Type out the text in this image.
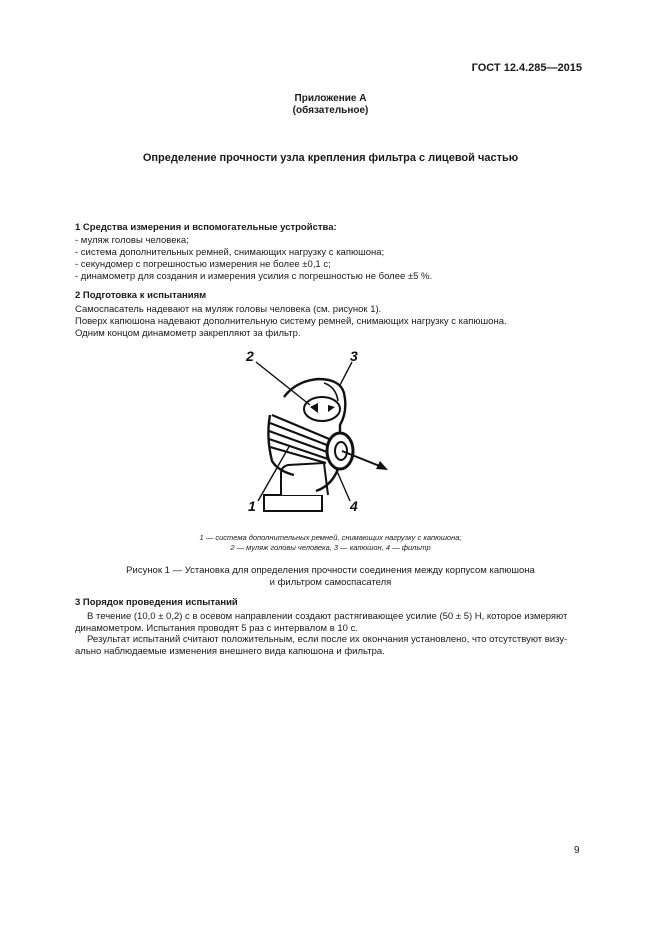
ГОСТ 12.4.285—2015
Приложение А
(обязательное)
Определение прочности узла крепления фильтра с лицевой частью
1 Средства измерения и вспомогательные устройства:
- муляж головы человека;
- система дополнительных ремней, снимающих нагрузку с капюшона;
- секундомер с погрешностью измерения не более ±0,1 с;
- динамометр для создания и измерения усилия с погрешностью не более ±5 %.
2 Подготовка к испытаниям
Самоспасатель надевают на муляж головы человека (см. рисунок 1).
Поверх капюшона надевают дополнительную систему ремней, снимающих нагрузку с капюшона.
Одним концом динамометр закрепляют за фильтр.
2	3
1	4
1 — система дополнительных ремней, снимающих нагрузку с капюшона;
2 — муляж головы человека, 3 — капюшон, 4 — фильтр
Рисунок 1 — Установка для определения прочности соединения между корпусом капюшона
и фильтром самоспасателя
3 Порядок проведения испытаний
В течение (10,0 ± 0,2) с в осевом направлении создают растягивающее усилие (50 ± 5) Н, которое измеряют
динамометром. Испытания проводят 5 раз с интервалом в 10 с.
Результат испытаний считают положительным, если после их окончания установлено, что отсутствуют визу-
ально наблюдаемые изменения внешнего вида капюшона и фильтра.
9
